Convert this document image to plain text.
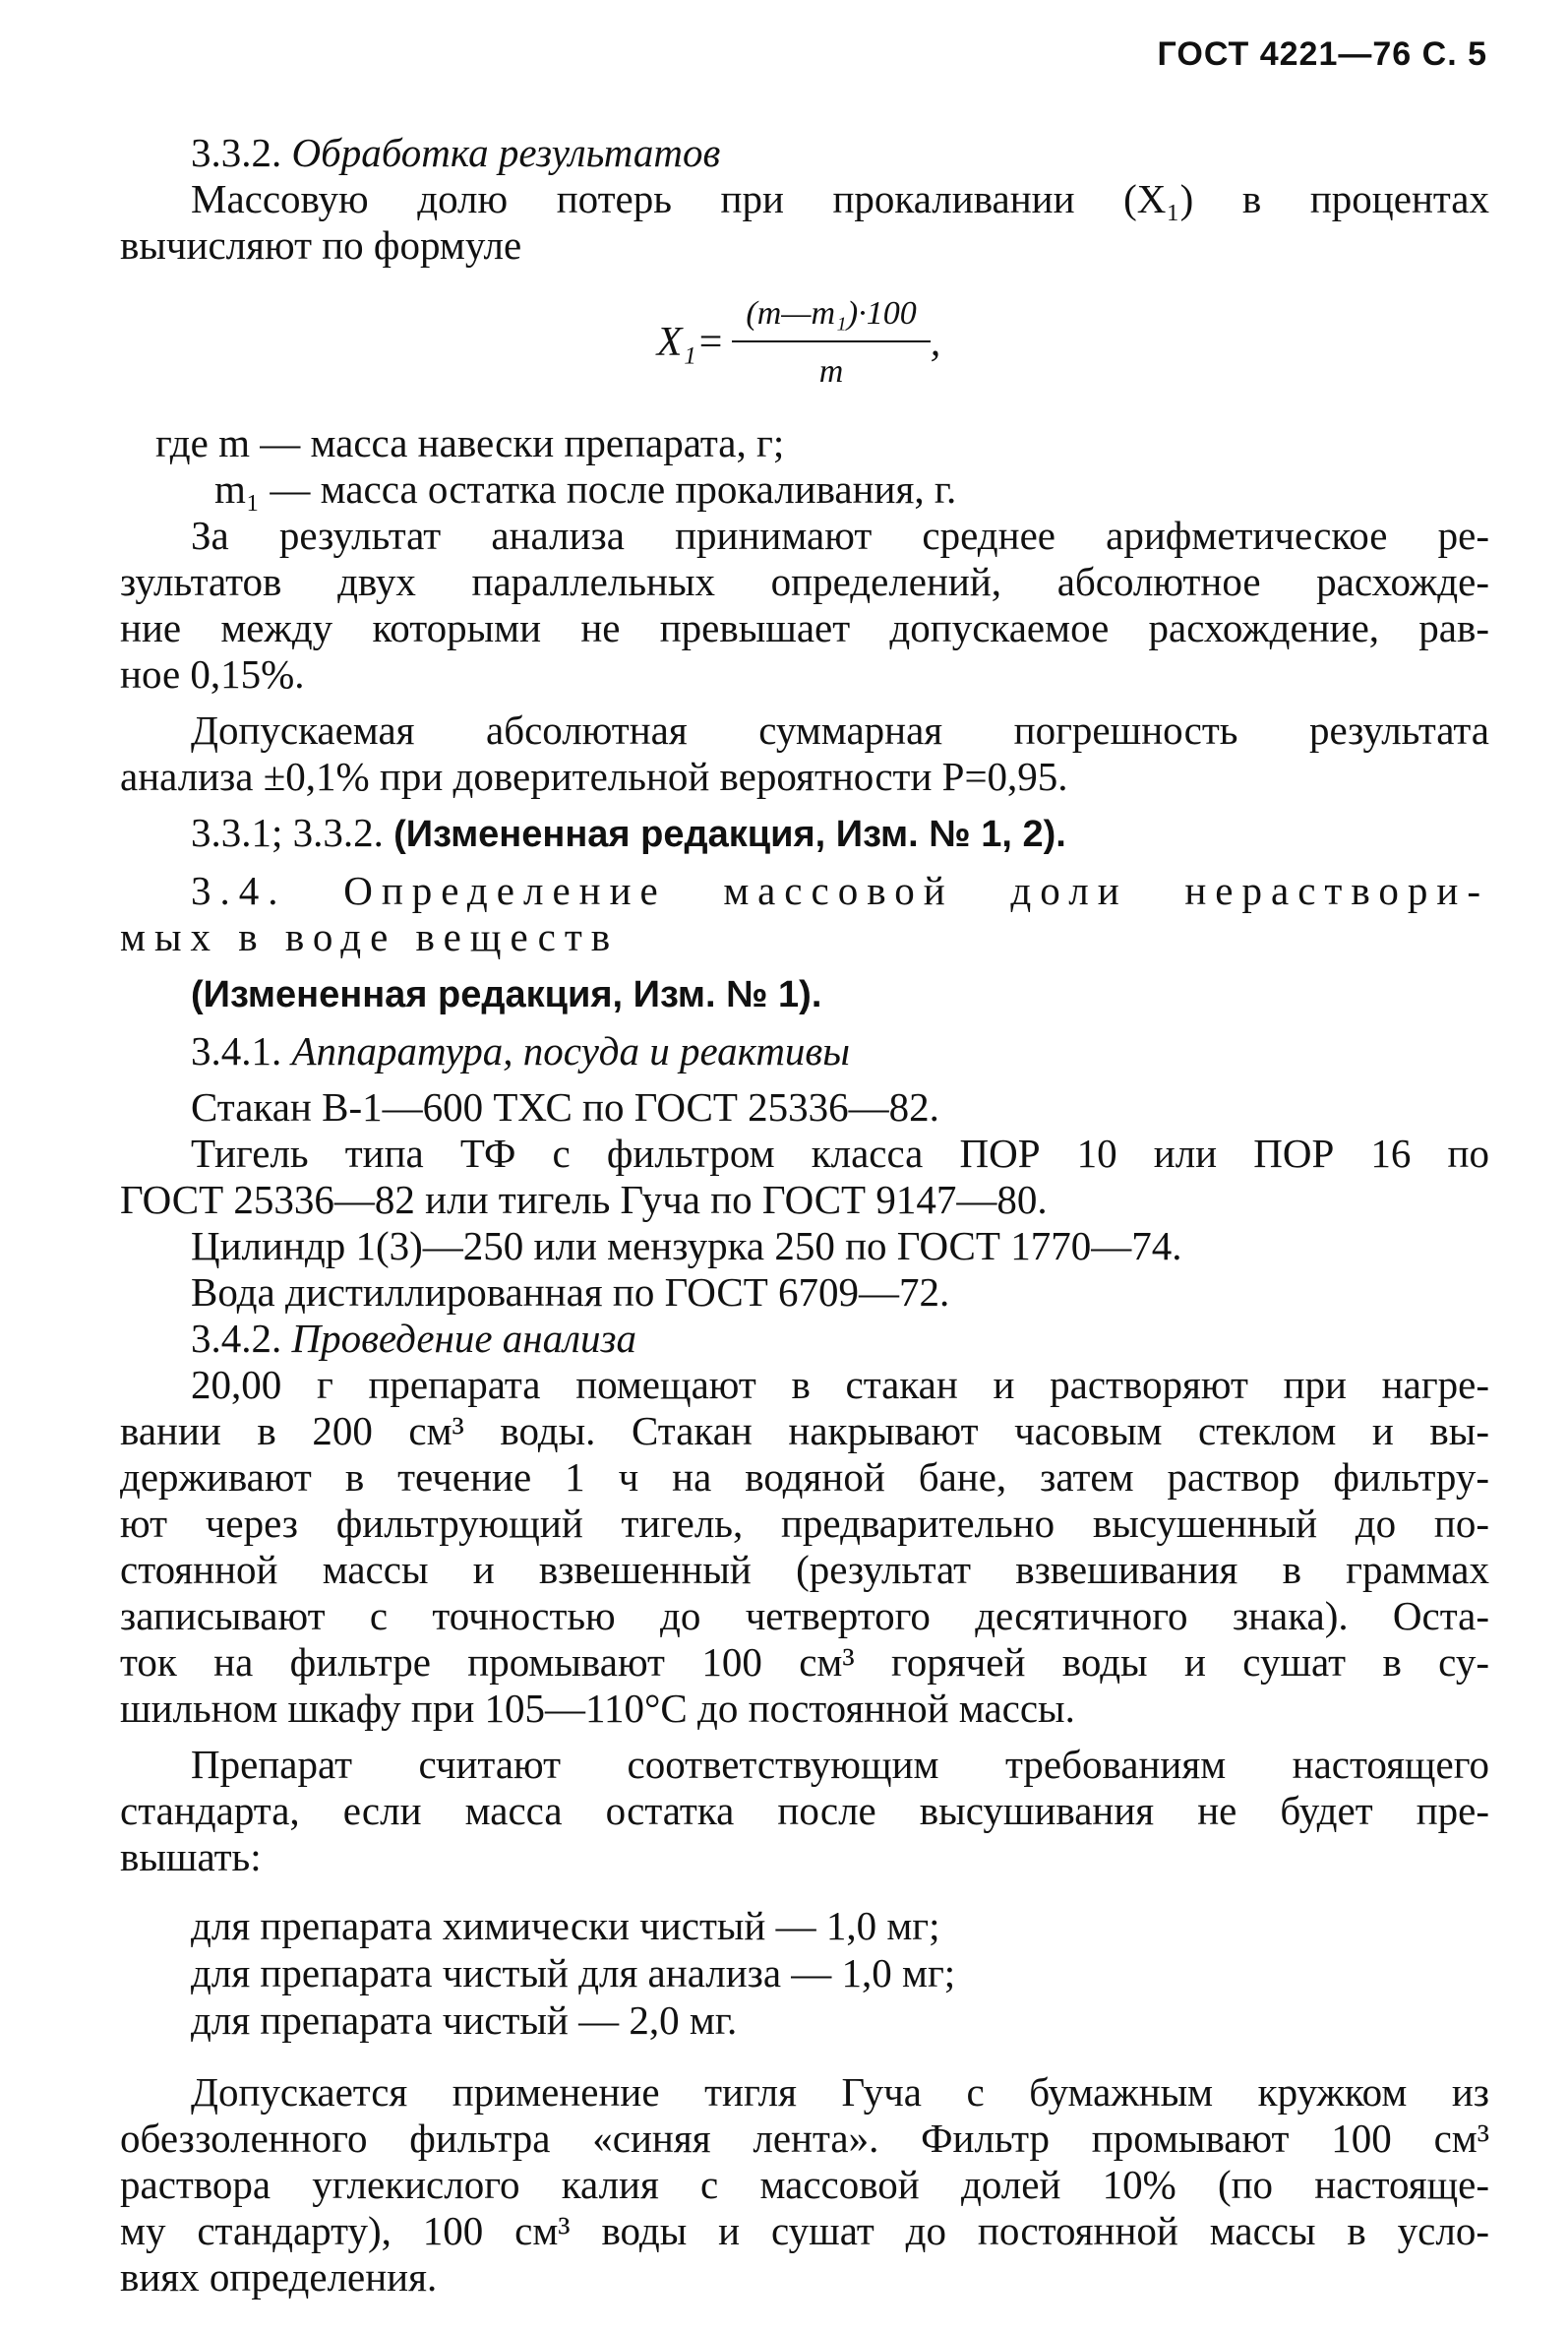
ГОСТ 4221—76 С. 5

3.3.2. Обработка результатов

Массовую долю потерь при прокаливании (X₁) в процентах

вычисляют по формуле

$X_1= \frac{\text{(m—m₁)·100}}{m}$ ,

где m — масса навески препарата, г;

m₁ — масса остатка после прокаливания, г.

За результат анализа принимают среднее арифметическое ре-

зультатов двух параллельных определений, абсолютное расхожде-

ние между которыми не превышает допускаемое расхождение, рав-

ное 0,15%.

Допускаемая абсолютная суммарная погрешность результата

анализа ±0,1% при доверительной вероятности P=0,95.

3.3.1; 3.3.2. (Измененная редакция, Изм. № 1, 2).

3.4. Определение массовой доли нераствори-

мых в воде веществ

(Измененная редакция, Изм. № 1).

3.4.1. Аппаратура, посуда и реактивы

Стакан В-1—600 ТХС по ГОСТ 25336—82.

Тигель типа ТФ с фильтром класса ПОР 10 или ПОР 16 по

ГОСТ 25336—82 или тигель Гуча по ГОСТ 9147—80.

Цилиндр 1(3)—250 или мензурка 250 по ГОСТ 1770—74.

Вода дистиллированная по ГОСТ 6709—72.

3.4.2. Проведение анализа

20,00 г препарата помещают в стакан и растворяют при нагре-

вании в 200 см³ воды. Стакан накрывают часовым стеклом и вы-

держивают в течение 1 ч на водяной бане, затем раствор фильтру-

ют через фильтрующий тигель, предварительно высушенный до по-

стоянной массы и взвешенный (результат взвешивания в граммах

записывают с точностью до четвертого десятичного знака). Оста-

ток на фильтре промывают 100 см³ горячей воды и сушат в су-

шильном шкафу при 105—110°С до постоянной массы.

Препарат считают соответствующим требованиям настоящего

стандарта, если масса остатка после высушивания не будет пре-

вышать:

для препарата химически чистый — 1,0 мг;

для препарата чистый для анализа — 1,0 мг;

для препарата чистый — 2,0 мг.

Допускается применение тигля Гуча с бумажным кружком из

обеззоленного фильтра «синяя лента». Фильтр промывают 100 см³

раствора углекислого калия с массовой долей 10% (по настояще-

му стандарту), 100 см³ воды и сушат до постоянной массы в усло-

виях определения.
